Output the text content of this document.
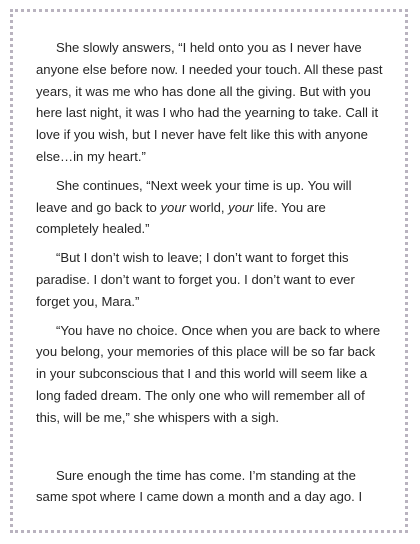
She slowly answers, “I held onto you as I never have anyone else before now. I needed your touch. All these past years, it was me who has done all the giving. But with you here last night, it was I who had the yearning to take. Call it love if you wish, but I never have felt like this with anyone else…in my heart.”

She continues, “Next week your time is up. You will leave and go back to your world, your life. You are completely healed.”

“But I don’t wish to leave; I don’t want to forget this paradise. I don’t want to forget you. I don’t want to ever forget you, Mara.”

“You have no choice. Once when you are back to where you belong, your memories of this place will be so far back in your subconscious that I and this world will seem like a long faded dream. The only one who will remember all of this, will be me,” she whispers with a sigh.

Sure enough the time has come. I’m standing at the same spot where I came down a month and a day ago. I
